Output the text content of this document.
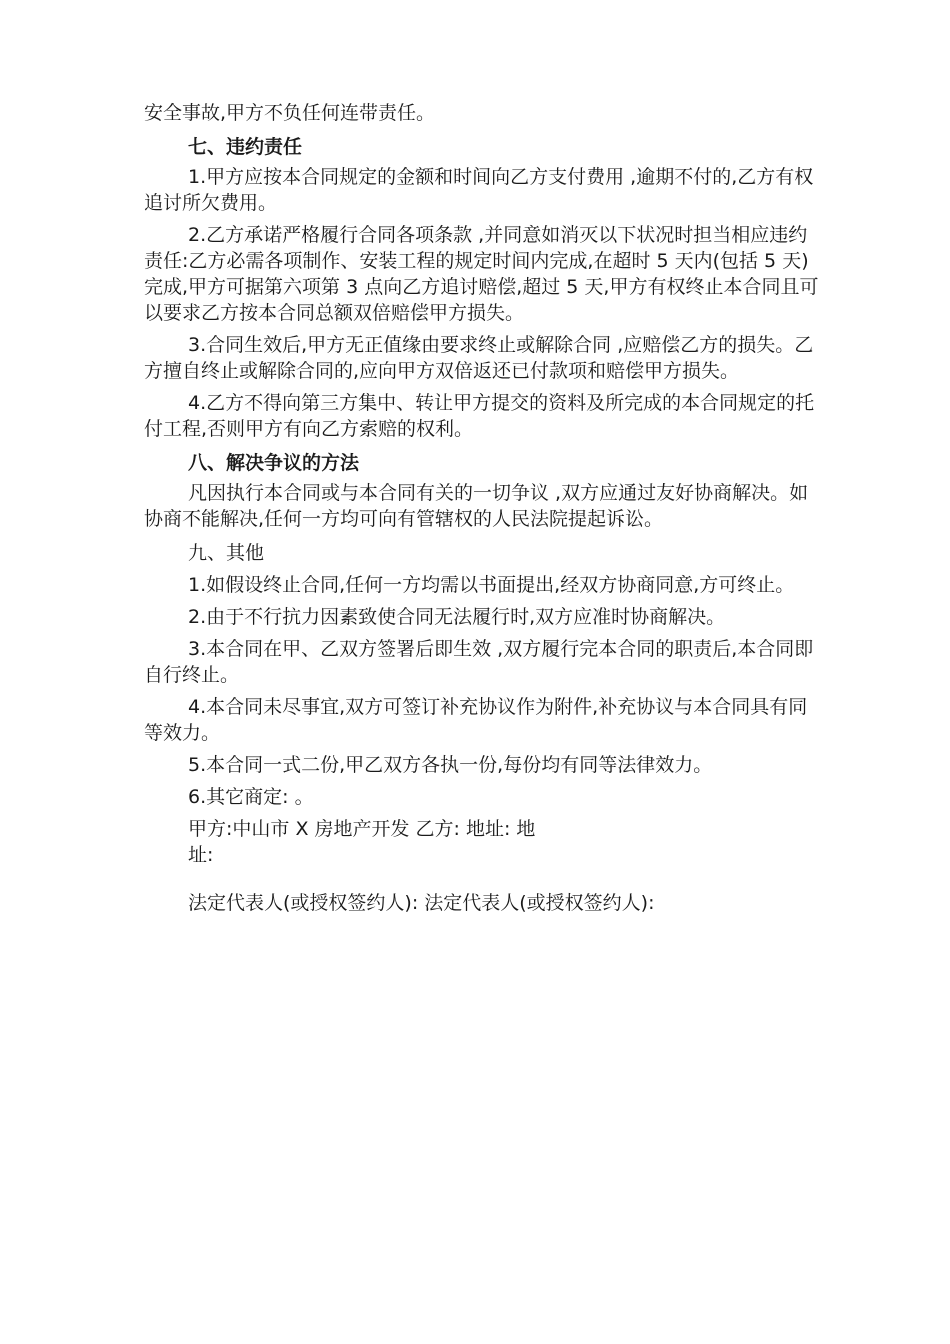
安全事故,甲方不负任何连带责任。

七、违约责任

1.甲方应按本合同规定的金额和时间向乙方支付费用 ,逾期不付的,乙方有权追讨所欠费用。

2.乙方承诺严格履行合同各项条款 ,并同意如消灭以下状况时担当相应违约责任:乙方必需各项制作、安装工程的规定时间内完成,在超时 5 天内(包括 5 天)完成,甲方可据第六项第 3 点向乙方追讨赔偿,超过 5 天,甲方有权终止本合同且可以要求乙方按本合同总额双倍赔偿甲方损失。

3.合同生效后,甲方无正值缘由要求终止或解除合同 ,应赔偿乙方的损失。乙方擅自终止或解除合同的,应向甲方双倍返还已付款项和赔偿甲方损失。

4.乙方不得向第三方集中、转让甲方提交的资料及所完成的本合同规定的托付工程,否则甲方有向乙方索赔的权利。

八、解决争议的方法

凡因执行本合同或与本合同有关的一切争议 ,双方应通过友好协商解决。如协商不能解决,任何一方均可向有管辖权的人民法院提起诉讼。

九、其他

1.如假设终止合同,任何一方均需以书面提出,经双方协商同意,方可终止。

2.由于不行抗力因素致使合同无法履行时,双方应准时协商解决。

3.本合同在甲、乙双方签署后即生效 ,双方履行完本合同的职责后,本合同即自行终止。

4.本合同未尽事宜,双方可签订补充协议作为附件,补充协议与本合同具有同等效力。

5.本合同一式二份,甲乙双方各执一份,每份均有同等法律效力。

6.其它商定: 。

甲方:中山市 X 房地产开发 乙方: 地址: 地
址:
法定代表人(或授权签约人): 法定代表人(或授权签约人):
